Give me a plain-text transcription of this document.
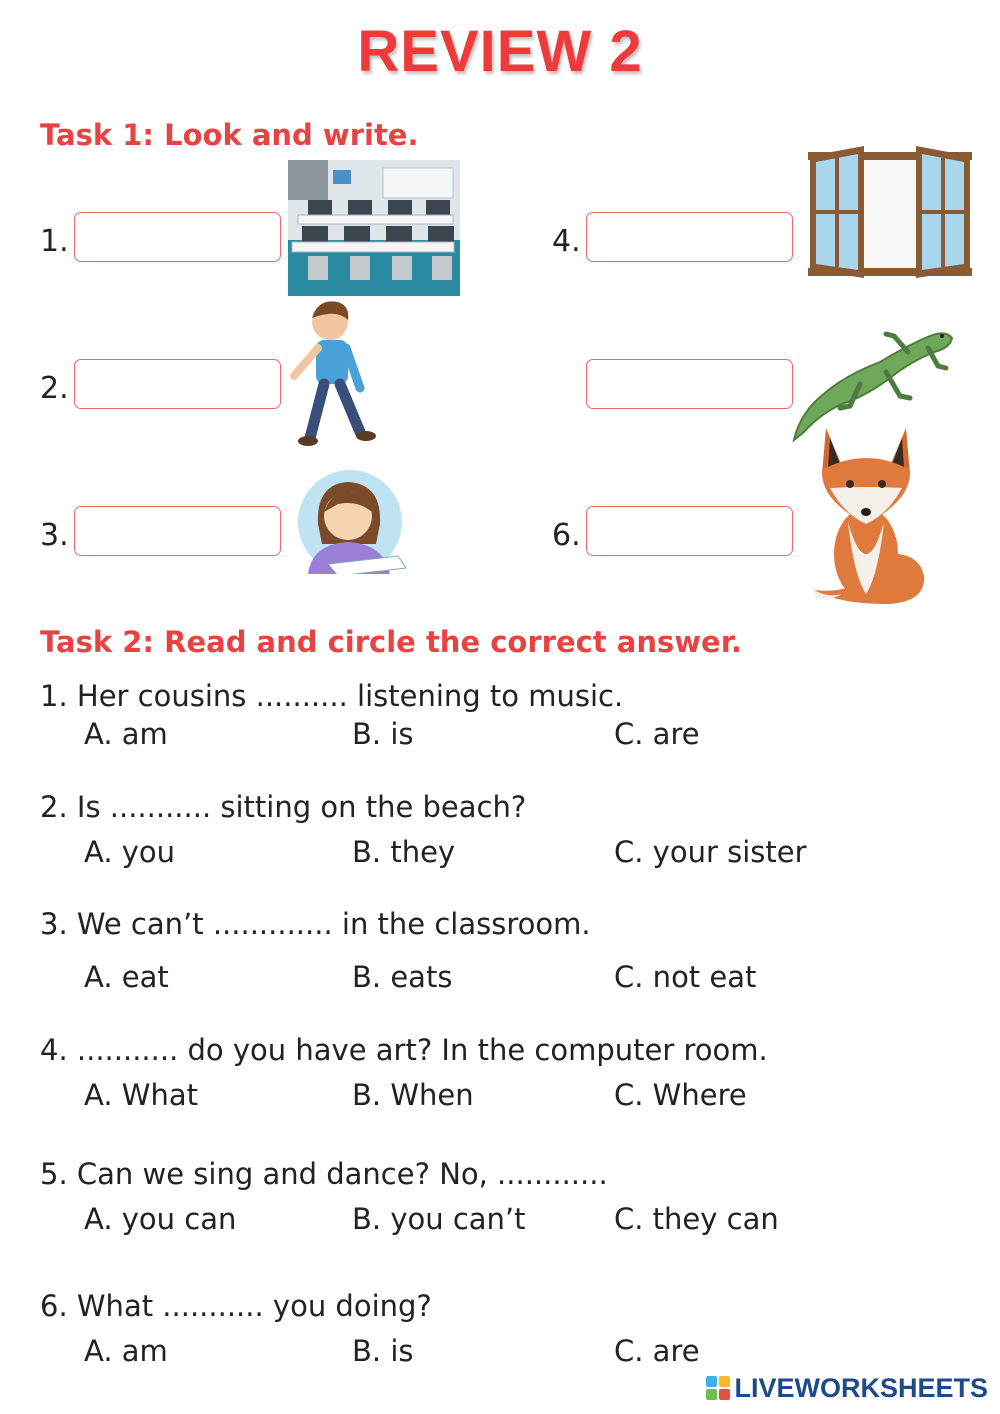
REVIEW 2
Task 1: Look and write.
1.
2.
3.
4.
6.
Task 2: Read and circle the correct answer.
1. Her cousins .......... listening to music.
A. am	B. is	C. are
2. Is ........... sitting on the beach?
A. you	B. they	C. your sister
3. We can’t ............. in the classroom.
A. eat	B. eats	C. not eat
4. ........... do you have art? In the computer room.
A. What	B. When	C. Where
5. Can we sing and dance? No, ............
A. you can	B. you can’t	C. they can
6. What ........... you doing?
A. am	B. is	C. are
LIVEWORKSHEETS
